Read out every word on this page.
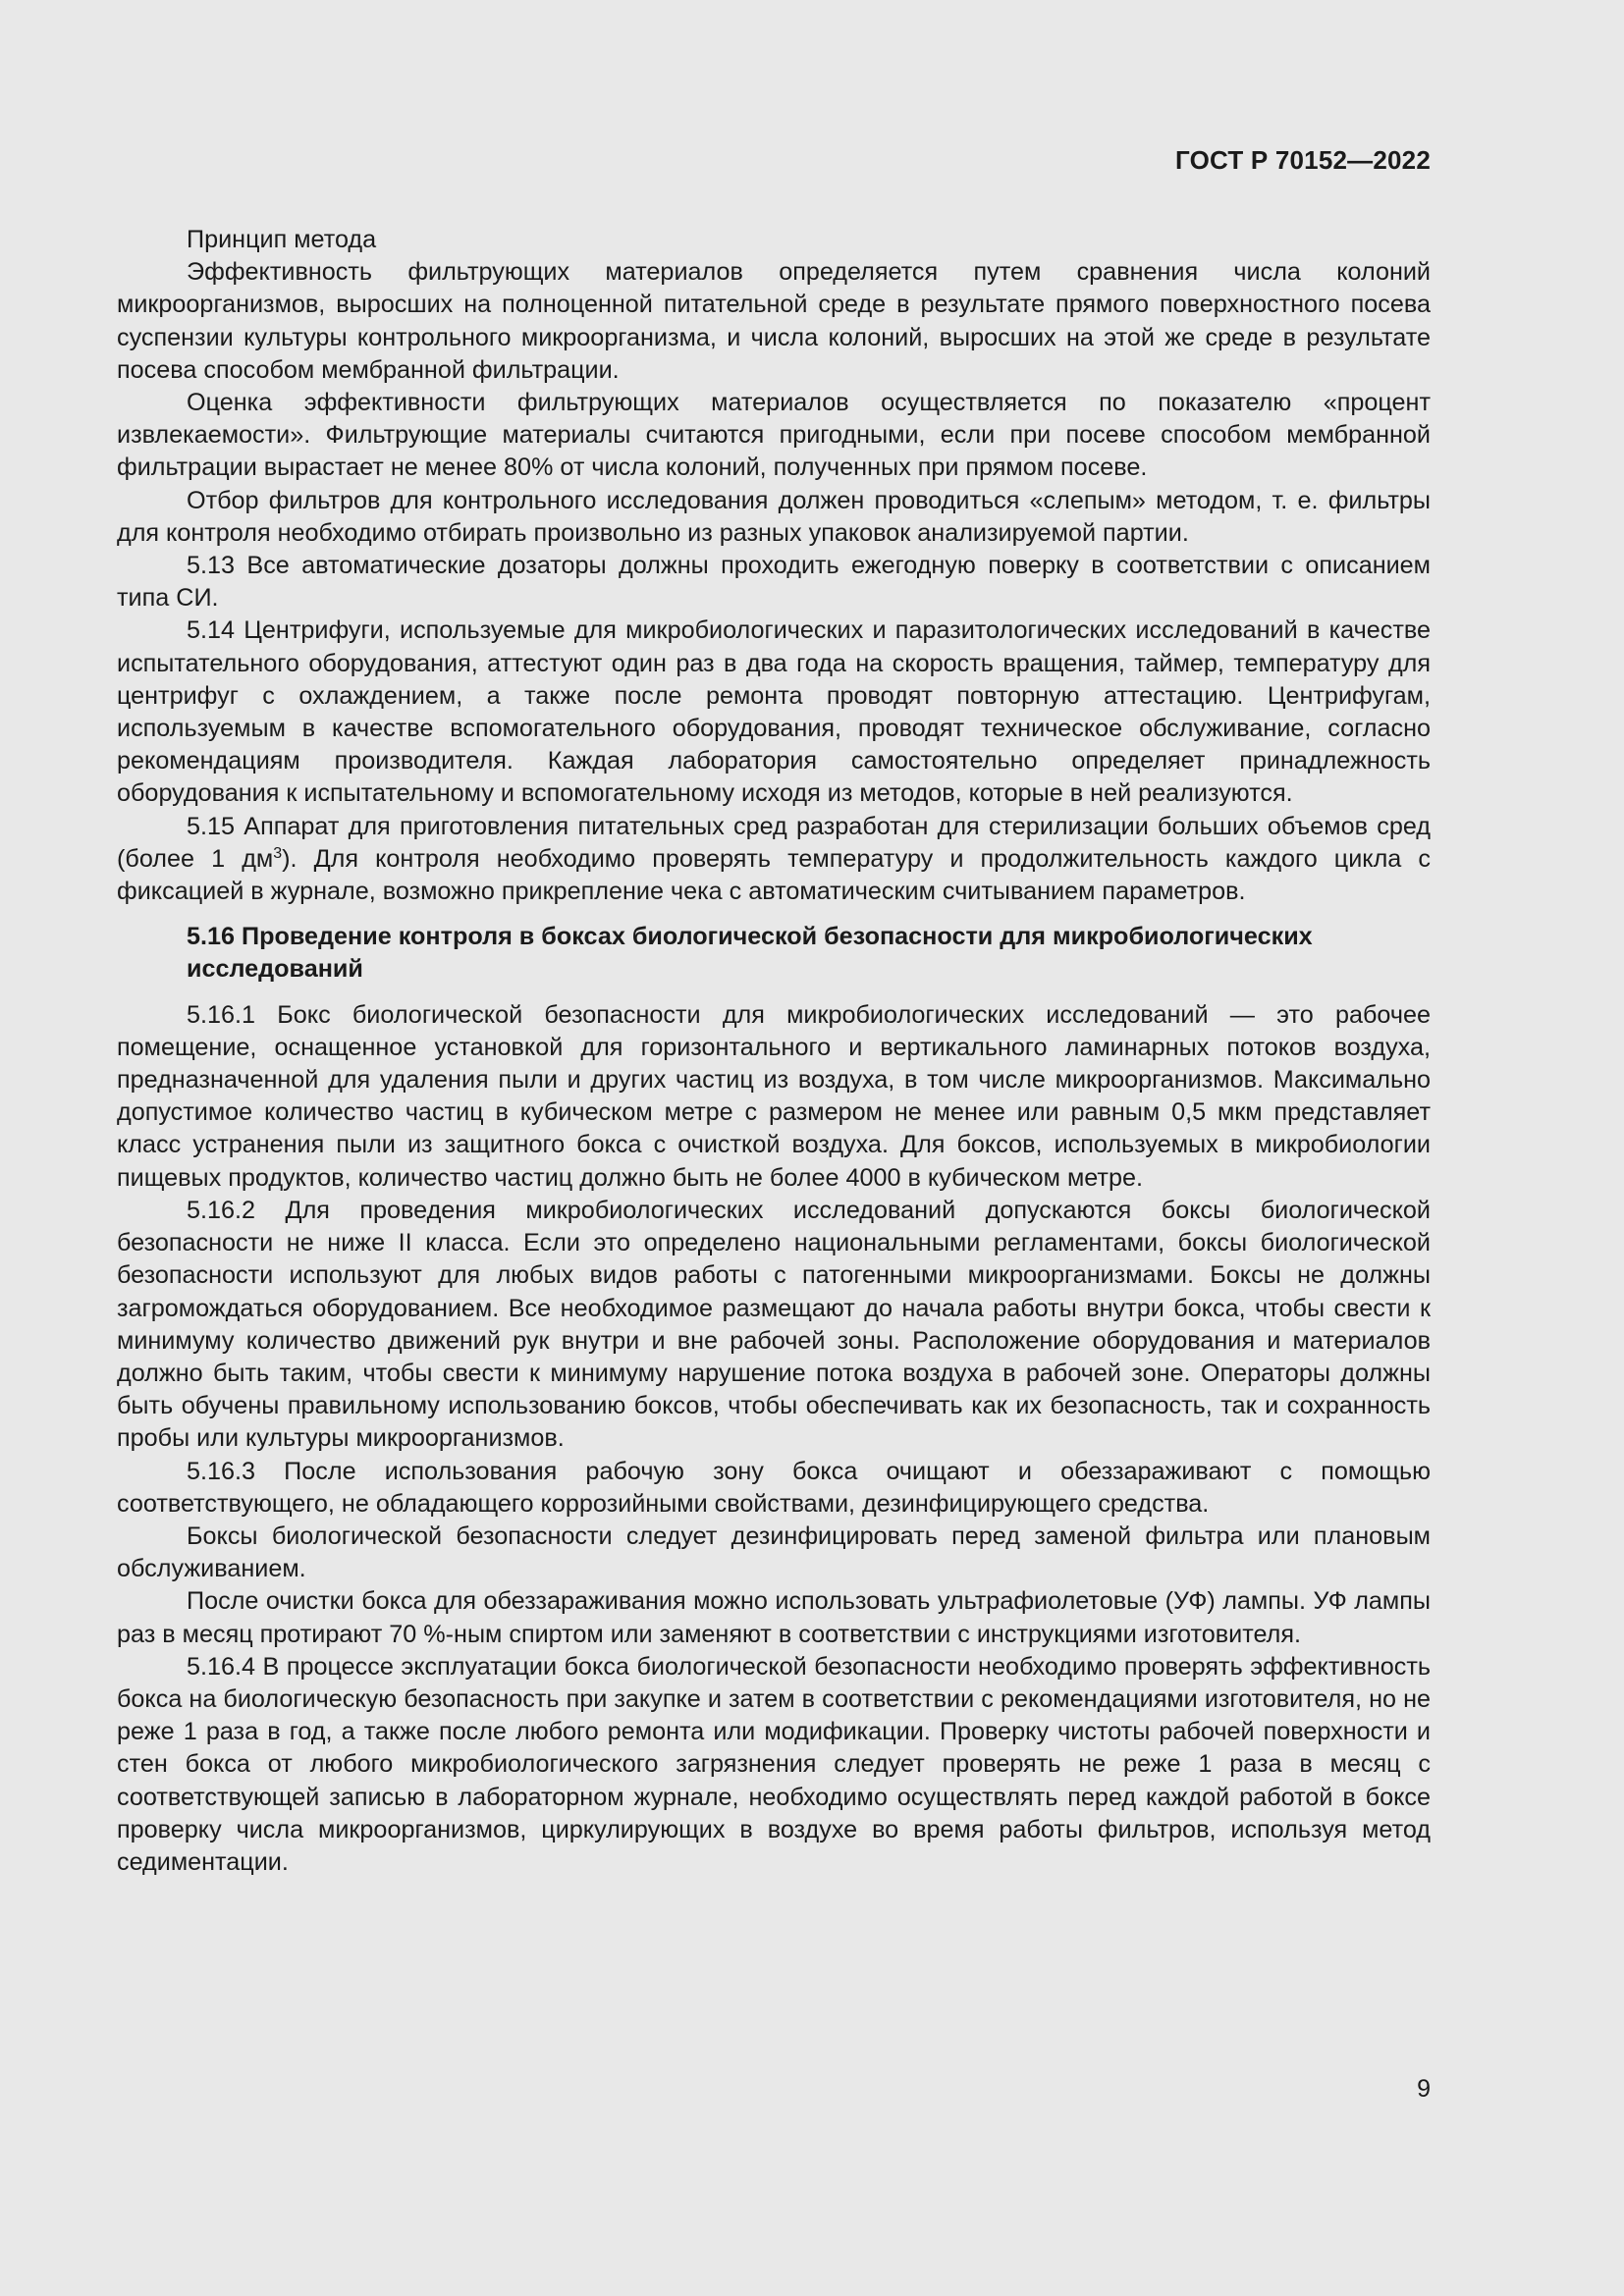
ГОСТ Р 70152—2022

Принцип метода

Эффективность фильтрующих материалов определяется путем сравнения числа колоний микроорганизмов, выросших на полноценной питательной среде в результате прямого поверхностного посева суспензии культуры контрольного микроорганизма, и числа колоний, выросших на этой же среде в результате посева способом мембранной фильтрации.

Оценка эффективности фильтрующих материалов осуществляется по показателю «процент извлекаемости». Фильтрующие материалы считаются пригодными, если при посеве способом мембранной фильтрации вырастает не менее 80% от числа колоний, полученных при прямом посеве.

Отбор фильтров для контрольного исследования должен проводиться «слепым» методом, т. е. фильтры для контроля необходимо отбирать произвольно из разных упаковок анализируемой партии.

5.13 Все автоматические дозаторы должны проходить ежегодную поверку в соответствии с описанием типа СИ.

5.14 Центрифуги, используемые для микробиологических и паразитологических исследований в качестве испытательного оборудования, аттестуют один раз в два года на скорость вращения, таймер, температуру для центрифуг с охлаждением, а также после ремонта проводят повторную аттестацию. Центрифугам, используемым в качестве вспомогательного оборудования, проводят техническое обслуживание, согласно рекомендациям производителя. Каждая лаборатория самостоятельно определяет принадлежность оборудования к испытательному и вспомогательному исходя из методов, которые в ней реализуются.

5.15 Аппарат для приготовления питательных сред разработан для стерилизации больших объемов сред (более 1 $дм^3$). Для контроля необходимо проверять температуру и продолжительность каждого цикла с фиксацией в журнале, возможно прикрепление чека с автоматическим считыванием параметров.

5.16 Проведение контроля в боксах биологической безопасности для микробиологических исследований

5.16.1 Бокс биологической безопасности для микробиологических исследований — это рабочее помещение, оснащенное установкой для горизонтального и вертикального ламинарных потоков воздуха, предназначенной для удаления пыли и других частиц из воздуха, в том числе микроорганизмов. Максимально допустимое количество частиц в кубическом метре с размером не менее или равным 0,5 мкм представляет класс устранения пыли из защитного бокса с очисткой воздуха. Для боксов, используемых в микробиологии пищевых продуктов, количество частиц должно быть не более 4000 в кубическом метре.

5.16.2 Для проведения микробиологических исследований допускаются боксы биологической безопасности не ниже II класса. Если это определено национальными регламентами, боксы биологической безопасности используют для любых видов работы с патогенными микроорганизмами. Боксы не должны загромождаться оборудованием. Все необходимое размещают до начала работы внутри бокса, чтобы свести к минимуму количество движений рук внутри и вне рабочей зоны. Расположение оборудования и материалов должно быть таким, чтобы свести к минимуму нарушение потока воздуха в рабочей зоне. Операторы должны быть обучены правильному использованию боксов, чтобы обеспечивать как их безопасность, так и сохранность пробы или культуры микроорганизмов.

5.16.3 После использования рабочую зону бокса очищают и обеззараживают с помощью соответствующего, не обладающего коррозийными свойствами, дезинфицирующего средства.

Боксы биологической безопасности следует дезинфицировать перед заменой фильтра или плановым обслуживанием.

После очистки бокса для обеззараживания можно использовать ультрафиолетовые (УФ) лампы. УФ лампы раз в месяц протирают 70 %-ным спиртом или заменяют в соответствии с инструкциями изготовителя.

5.16.4 В процессе эксплуатации бокса биологической безопасности необходимо проверять эффективность бокса на биологическую безопасность при закупке и затем в соответствии с рекомендациями изготовителя, но не реже 1 раза в год, а также после любого ремонта или модификации. Проверку чистоты рабочей поверхности и стен бокса от любого микробиологического загрязнения следует проверять не реже 1 раза в месяц с соответствующей записью в лабораторном журнале, необходимо осуществлять перед каждой работой в боксе проверку числа микроорганизмов, циркулирующих в воздухе во время работы фильтров, используя метод седиментации.

9
